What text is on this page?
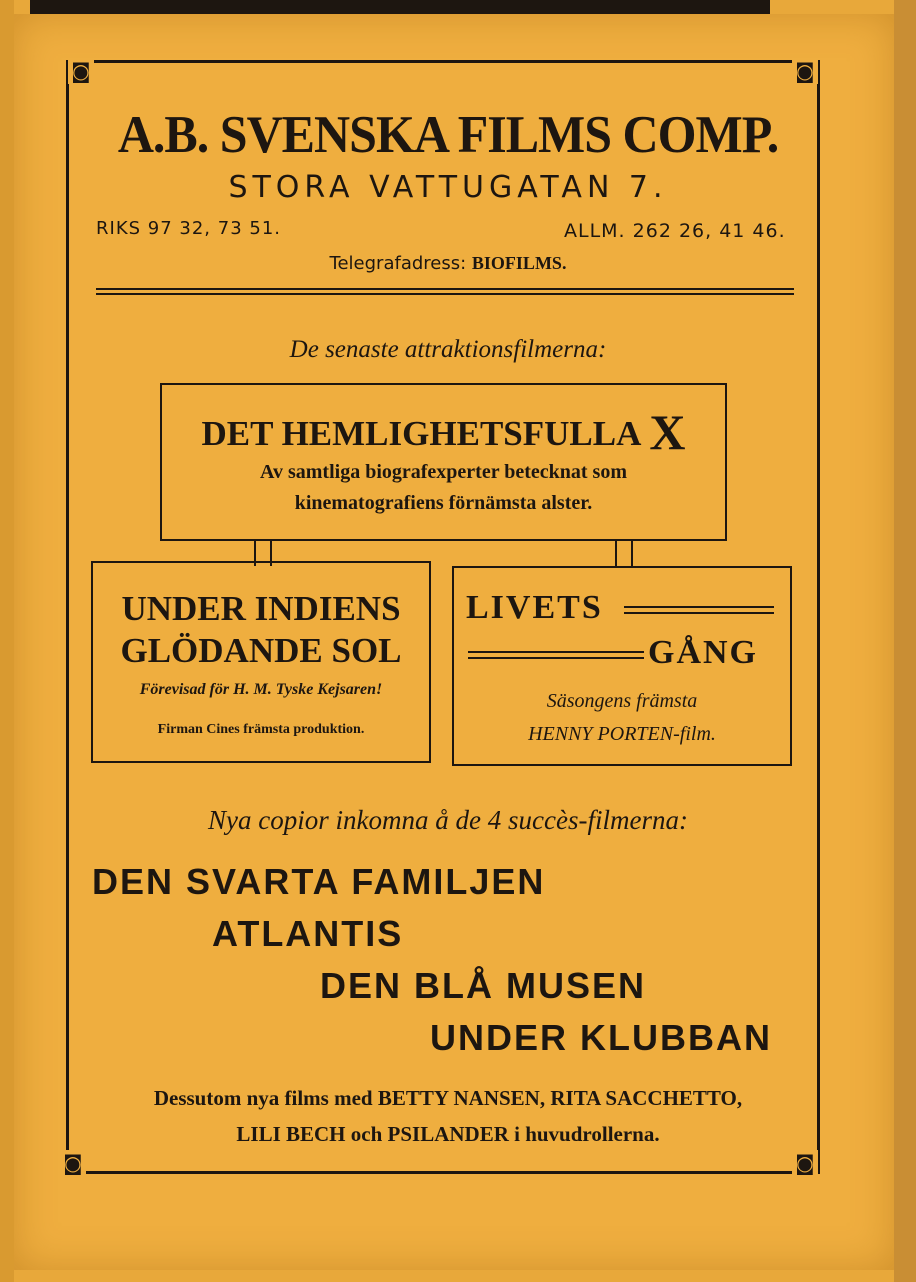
◙	◙
◙	◙
A.B. SVENSKA FILMS COMP.

STORA VATTUGATAN 7.

RIKS 97 32, 73 51.	ALLM. 262 26, 41 46.

Telegrafadress: BIOFILMS.

De senaste attraktionsfilmerna:

DET HEMLIGHETSFULLA X

Av samtliga biografexperter betecknat som
kinematografiens förnämsta alster.

UNDER INDIENS
GLÖDANDE SOL

Förevisad för H. M. Tyske Kejsaren!

Firman Cines främsta produktion.

LIVETS

GÅNG

Säsongens främsta
HENNY PORTEN-film.

Nya copior inkomna å de 4 succès-filmerna:

DEN SVARTA FAMILJEN

ATLANTIS

DEN BLÅ MUSEN

UNDER KLUBBAN

Dessutom nya films med BETTY NANSEN, RITA SACCHETTO,
LILI BECH och PSILANDER i huvudrollerna.
